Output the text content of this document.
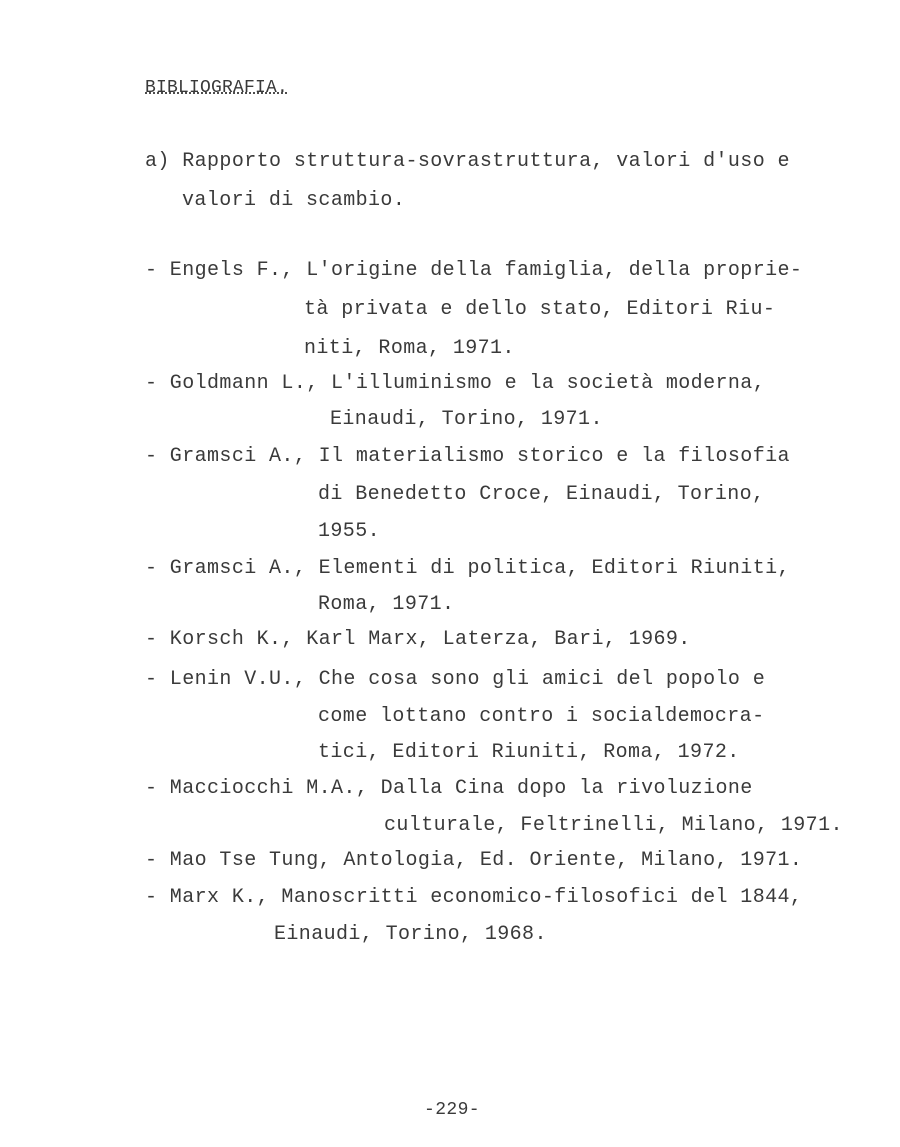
BIBLIOGRAFIA.
a) Rapporto struttura-sovrastruttura, valori d'uso e
valori di scambio.
- Engels F., L'origine della famiglia, della proprie-
tà privata e dello stato, Editori Riu-
niti, Roma, 1971.
- Goldmann L., L'illuminismo e la società moderna,
Einaudi, Torino, 1971.
- Gramsci A., Il materialismo storico e la filosofia
di Benedetto Croce, Einaudi, Torino,
1955.
- Gramsci A., Elementi di politica, Editori Riuniti,
Roma, 1971.
- Korsch K., Karl Marx, Laterza, Bari, 1969.
- Lenin V.U., Che cosa sono gli amici del popolo e
come lottano contro i socialdemocra-
tici, Editori Riuniti, Roma, 1972.
- Macciocchi M.A., Dalla Cina dopo la rivoluzione
culturale, Feltrinelli, Milano, 1971.
- Mao Tse Tung, Antologia, Ed. Oriente, Milano, 1971.
- Marx K., Manoscritti economico-filosofici del 1844,
Einaudi, Torino, 1968.
-229-
